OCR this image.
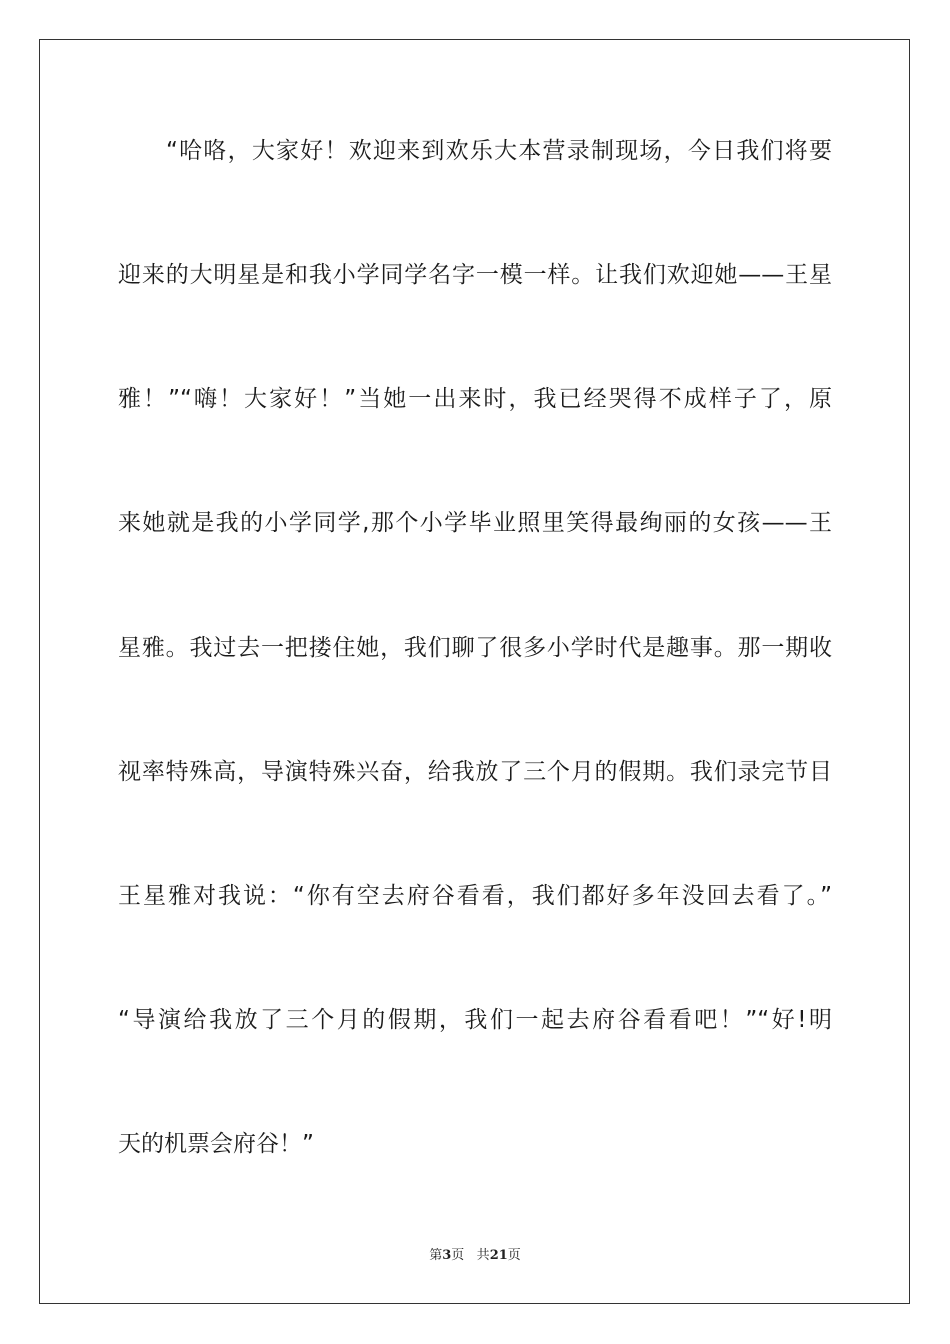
“哈咯，大家好！欢迎来到欢乐大本营录制现场，今日我们将要
迎来的大明星是和我小学同学名字一模一样。让我们欢迎她——王星
雅！”“嗨！大家好！”当她一出来时，我已经哭得不成样子了，原
来她就是我的小学同学,那个小学毕业照里笑得最绚丽的女孩——王
星雅。我过去一把搂住她，我们聊了很多小学时代是趣事。那一期收
视率特殊高，导演特殊兴奋，给我放了三个月的假期。我们录完节目
王星雅对我说：“你有空去府谷看看，我们都好多年没回去看了。”
“导演给我放了三个月的假期，我们一起去府谷看看吧！”“好!明
天的机票会府谷！”
第3页 共21页
